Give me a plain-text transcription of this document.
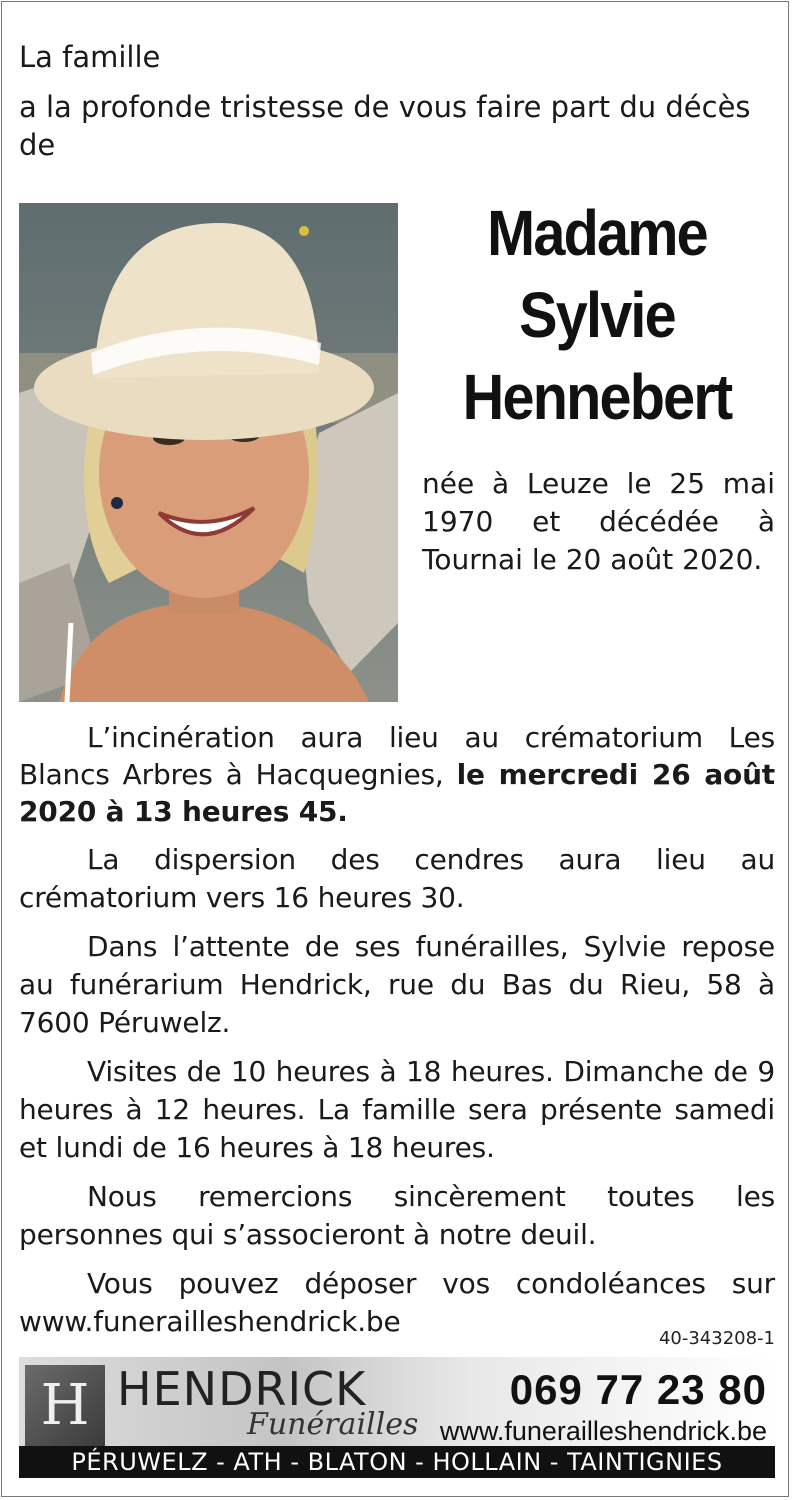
La famille
a la profonde tristesse de vous faire part du décès de
Madame
Sylvie
Hennebert
née à Leuze le 25 mai 1970 et décédée à Tournai le 20 août 2020.

L’incinération aura lieu au crématorium Les Blancs Arbres à Hacquegnies, le mercredi 26 août 2020 à 13 heures 45.

La dispersion des cendres aura lieu au crématorium vers 16 heures 30.

Dans l’attente de ses funérailles, Sylvie repose au funérarium Hendrick, rue du Bas du Rieu, 58 à 7600 Péruwelz.

Visites de 10 heures à 18 heures. Dimanche de 9 heures à 12 heures. La famille sera présente samedi et lundi de 16 heures à 18 heures.

Nous remercions sincèrement toutes les personnes qui s’associeront à notre deuil.

Vous pouvez déposer vos condoléances sur www.funerailleshendrick.be

40-343208-1
H HENDRICK
Funérailles
069 77 23 80
www.funerailleshendrick.be
PÉRUWELZ - ATH - BLATON - HOLLAIN - TAINTIGNIES
